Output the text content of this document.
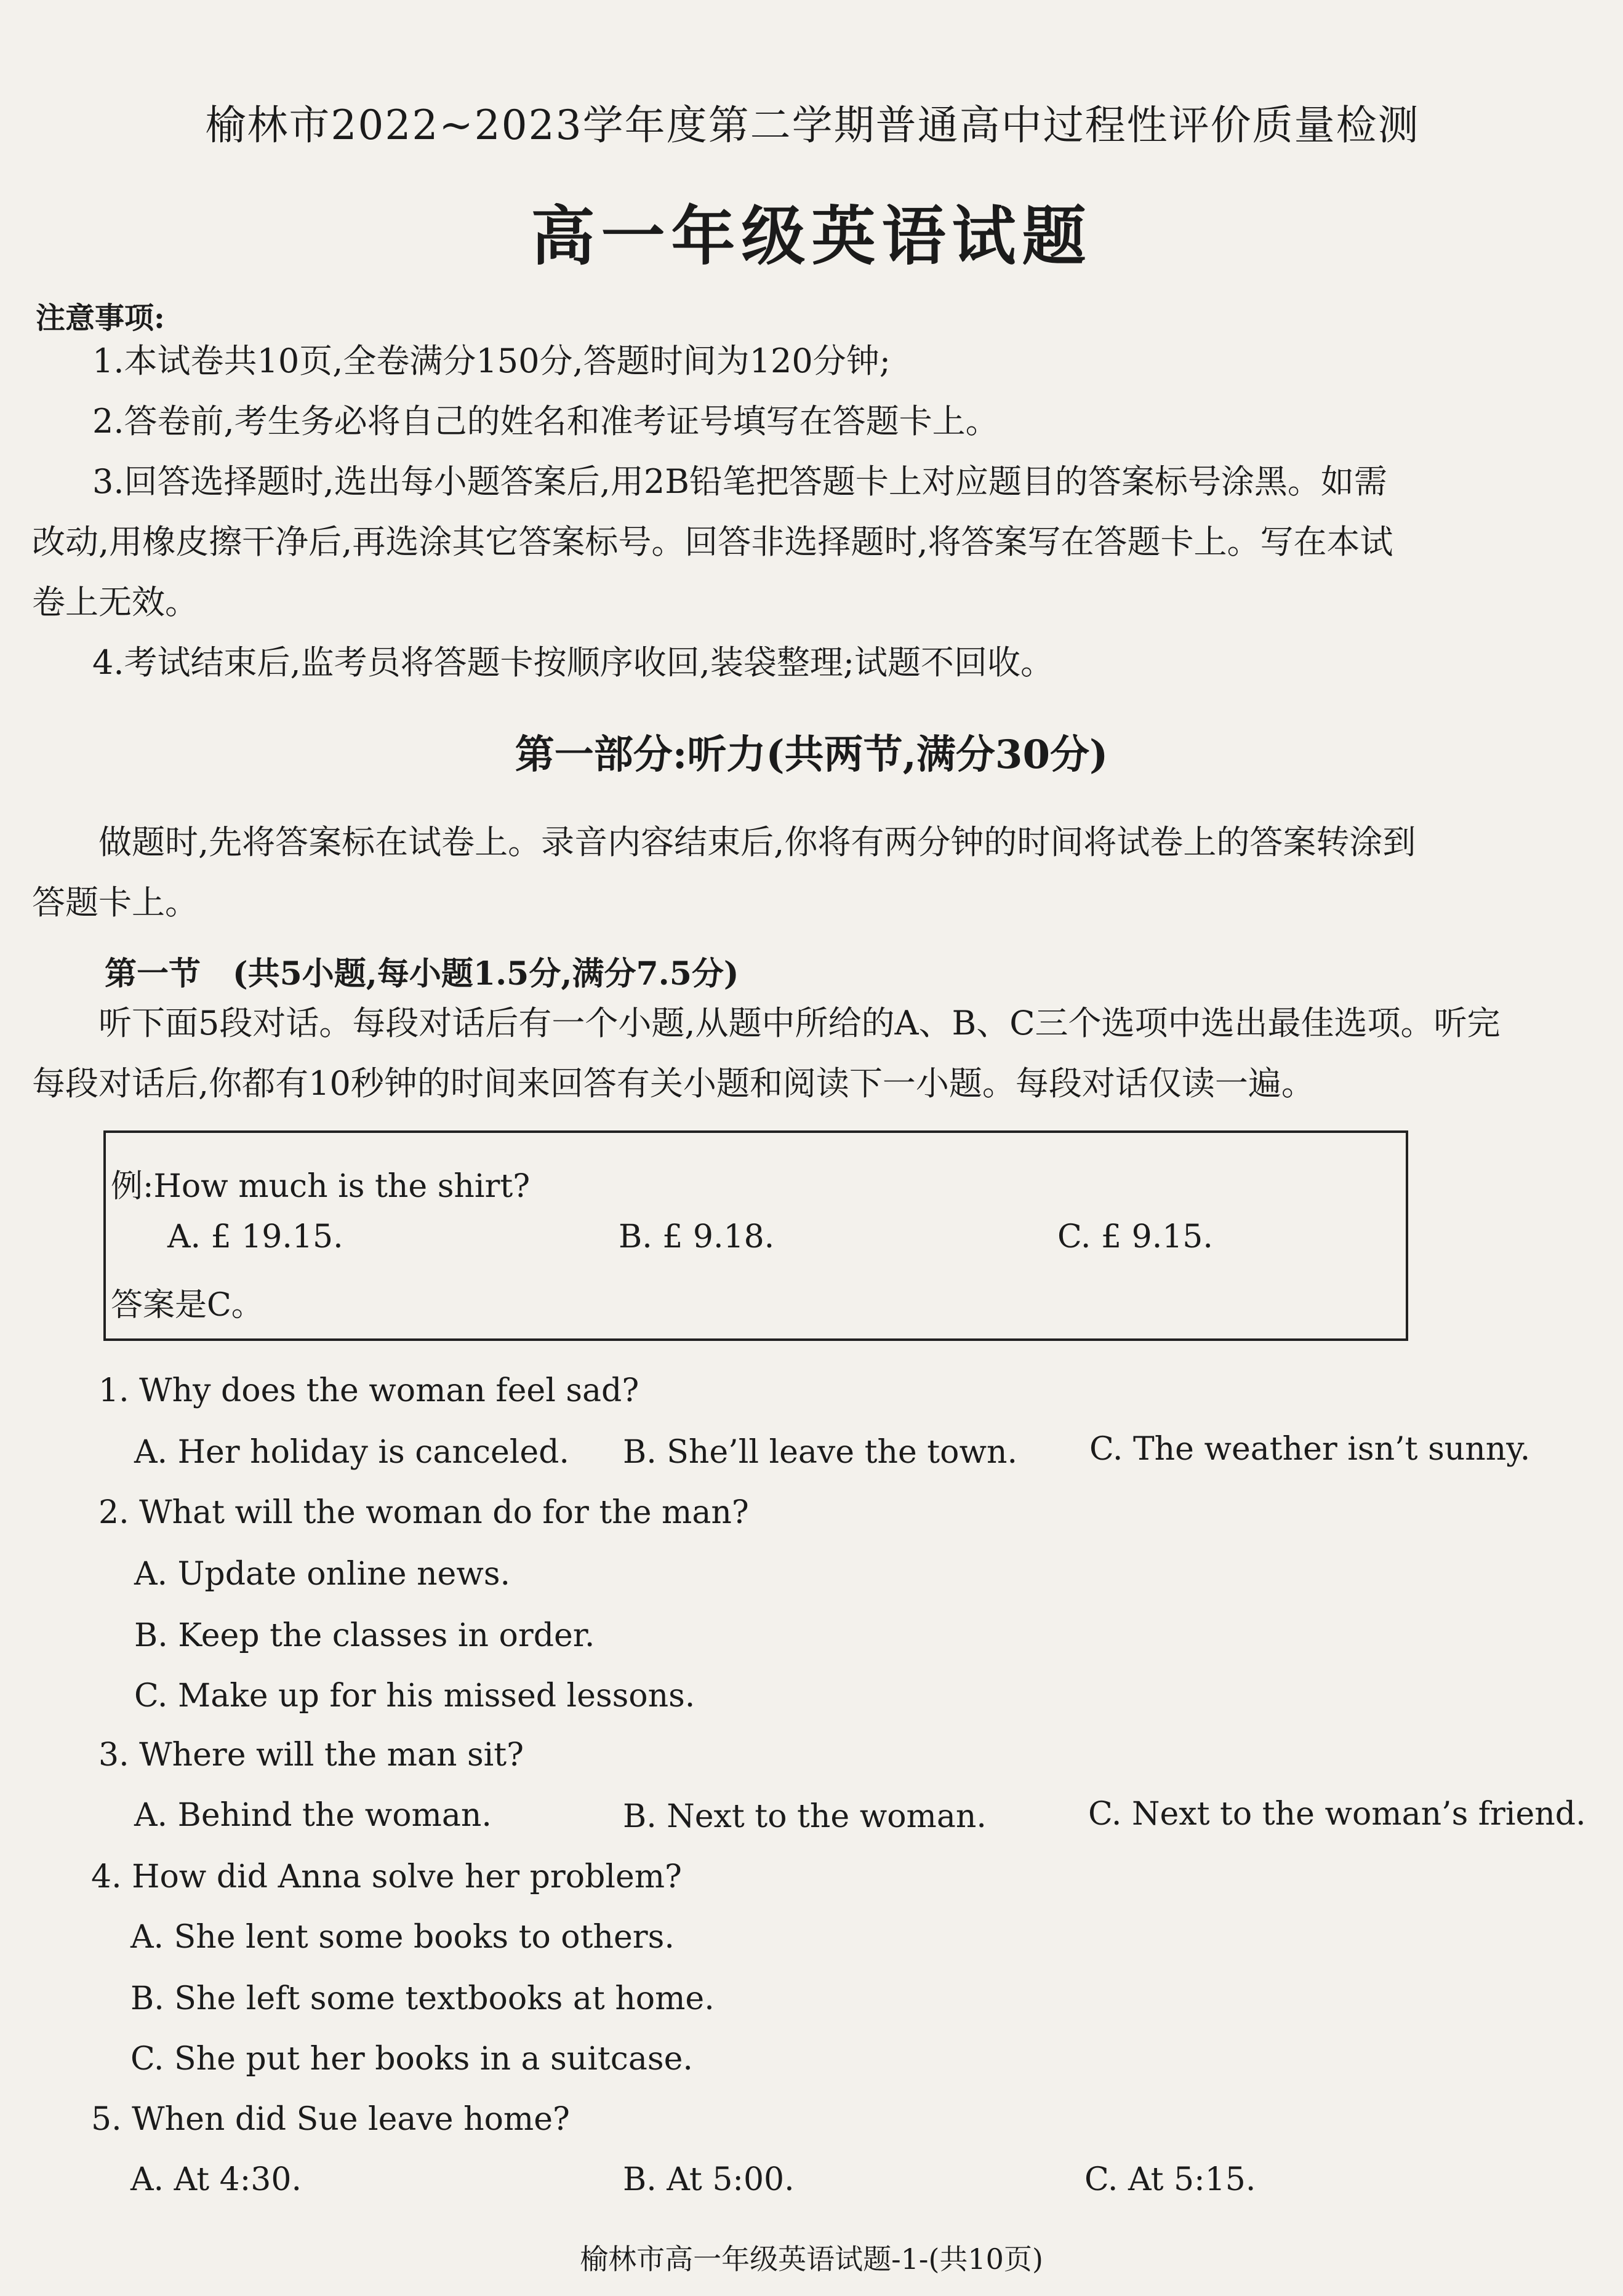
榆林市2022~2023学年度第二学期普通高中过程性评价质量检测
高一年级英语试题
注意事项:
1.本试卷共10页,全卷满分150分,答题时间为120分钟;
2.答卷前,考生务必将自己的姓名和准考证号填写在答题卡上。
3.回答选择题时,选出每小题答案后,用2B铅笔把答题卡上对应题目的答案标号涂黑。如需
改动,用橡皮擦干净后,再选涂其它答案标号。回答非选择题时,将答案写在答题卡上。写在本试
卷上无效。
4.考试结束后,监考员将答题卡按顺序收回,装袋整理;试题不回收。
第一部分:听力(共两节,满分30分)
做题时,先将答案标在试卷上。录音内容结束后,你将有两分钟的时间将试卷上的答案转涂到
答题卡上。
第一节　(共5小题,每小题1.5分,满分7.5分)
听下面5段对话。每段对话后有一个小题,从题中所给的A、B、C三个选项中选出最佳选项。听完
每段对话后,你都有10秒钟的时间来回答有关小题和阅读下一小题。每段对话仅读一遍。
例:How much is the shirt?
A. £ 19.15.	B. £ 9.18.	C. £ 9.15.
答案是C。
1. Why does the woman feel sad?
A. Her holiday is canceled. B. She’ll leave the town. C. The weather isn’t sunny.
2. What will the woman do for the man?
A. Update online news.
B. Keep the classes in order.
C. Make up for his missed lessons.
3. Where will the man sit?
A. Behind the woman.	B. Next to the woman.	C. Next to the woman’s friend.
4. How did Anna solve her problem?
A. She lent some books to others.
B. She left some textbooks at home.
C. She put her books in a suitcase.
5. When did Sue leave home?
A. At 4:30.	B. At 5:00.	C. At 5:15.
榆林市高一年级英语试题-1-(共10页)
